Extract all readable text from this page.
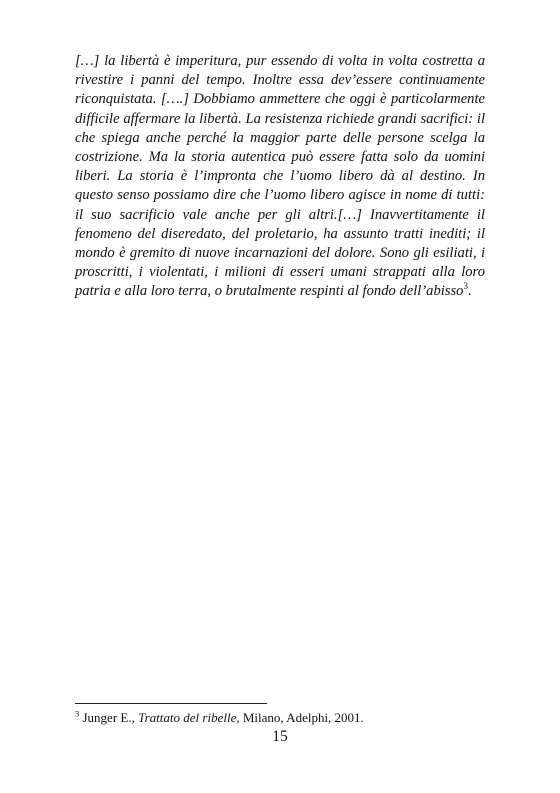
[…] la libertà è imperitura, pur essendo di volta in volta costretta a rivestire i panni del tempo. Inoltre essa dev’essere continuamente riconquistata. [….] Dobbiamo ammettere che oggi è particolarmente difficile affermare la libertà. La resistenza richiede grandi sacrifici: il che spiega anche perché la maggior parte delle persone scelga la costrizione. Ma la storia autentica può essere fatta solo da uomini liberi. La storia è l’impronta che l’uomo libero dà al destino. In questo senso possiamo dire che l’uomo libero agisce in nome di tutti: il suo sacrificio vale anche per gli altri.[…] Inavvertitamente il fenomeno del diseredato, del proletario, ha assunto tratti inediti; il mondo è gremito di nuove incarnazioni del dolore. Sono gli esiliati, i proscritti, i violentati, i milioni di esseri umani strappati alla loro patria e alla loro terra, o brutalmente respinti al fondo dell’abisso$^3$.

$^3$ Junger E., Trattato del ribelle, Milano, Adelphi, 2001.

15
